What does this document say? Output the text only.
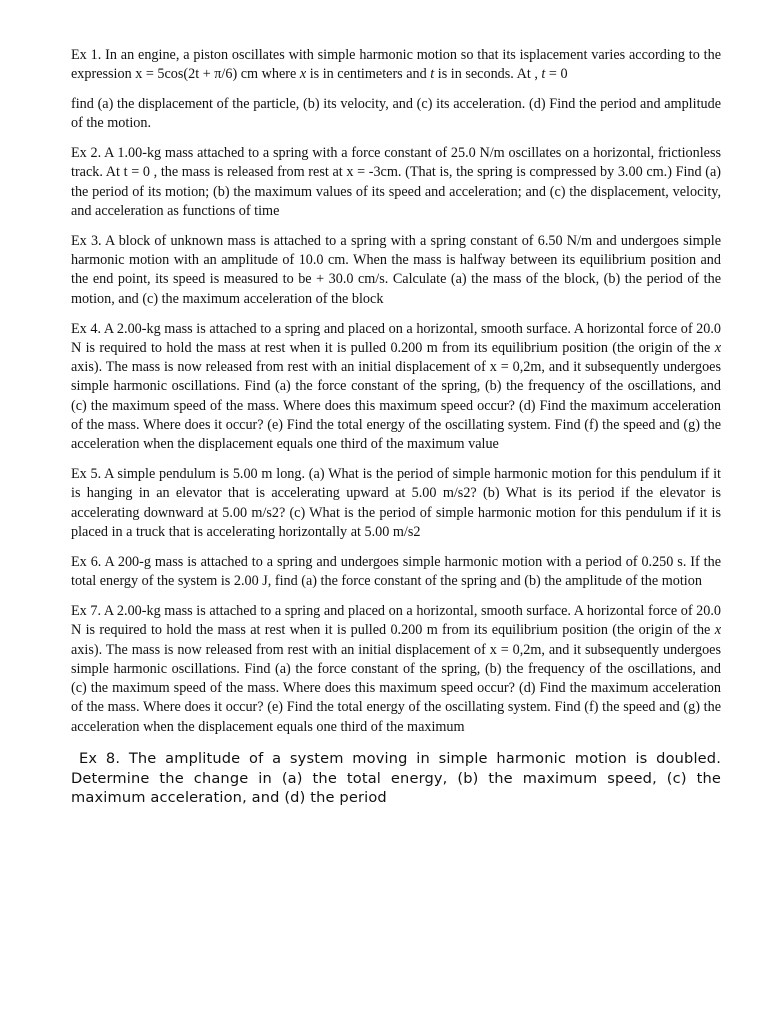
Ex 1. In an engine, a piston oscillates with simple harmonic motion so that its isplacement varies according to the expression x = 5cos(2t + π/6) cm where x is in centimeters and t is in seconds. At , t = 0

find (a) the displacement of the particle, (b) its velocity, and (c) its acceleration. (d) Find the period and amplitude of the motion.

Ex 2. A 1.00-kg mass attached to a spring with a force constant of 25.0 N/m oscillates on a horizontal, frictionless track. At t = 0 , the mass is released from rest at x = -3cm. (That is, the spring is compressed by 3.00 cm.) Find (a) the period of its motion; (b) the maximum values of its speed and acceleration; and (c) the displacement, velocity, and acceleration as functions of time

Ex 3. A block of unknown mass is attached to a spring with a spring constant of 6.50 N/m and undergoes simple harmonic motion with an amplitude of 10.0 cm. When the mass is halfway between its equilibrium position and the end point, its speed is measured to be + 30.0 cm/s. Calculate (a) the mass of the block, (b) the period of the motion, and (c) the maximum acceleration of the block

Ex 4. A 2.00-kg mass is attached to a spring and placed on a horizontal, smooth surface. A horizontal force of 20.0 N is required to hold the mass at rest when it is pulled 0.200 m from its equilibrium position (the origin of the x axis). The mass is now released from rest with an initial displacement of x = 0,2m, and it subsequently undergoes simple harmonic oscillations. Find (a) the force constant of the spring, (b) the frequency of the oscillations, and (c) the maximum speed of the mass. Where does this maximum speed occur? (d) Find the maximum acceleration of the mass. Where does it occur? (e) Find the total energy of the oscillating system. Find (f) the speed and (g) the acceleration when the displacement equals one third of the maximum value

Ex 5. A simple pendulum is 5.00 m long. (a) What is the period of simple harmonic motion for this pendulum if it is hanging in an elevator that is accelerating upward at 5.00 m/s2? (b) What is its period if the elevator is accelerating downward at 5.00 m/s2? (c) What is the period of simple harmonic motion for this pendulum if it is placed in a truck that is accelerating horizontally at 5.00 m/s2

Ex 6. A 200-g mass is attached to a spring and undergoes simple harmonic motion with a period of 0.250 s. If the total energy of the system is 2.00 J, find (a) the force constant of the spring and (b) the amplitude of the motion

Ex 7. A 2.00-kg mass is attached to a spring and placed on a horizontal, smooth surface. A horizontal force of 20.0 N is required to hold the mass at rest when it is pulled 0.200 m from its equilibrium position (the origin of the x axis). The mass is now released from rest with an initial displacement of x = 0,2m, and it subsequently undergoes simple harmonic oscillations. Find (a) the force constant of the spring, (b) the frequency of the oscillations, and (c) the maximum speed of the mass. Where does this maximum speed occur? (d) Find the maximum acceleration of the mass. Where does it occur? (e) Find the total energy of the oscillating system. Find (f) the speed and (g) the acceleration when the displacement equals one third of the maximum

Ex 8. The amplitude of a system moving in simple harmonic motion is doubled. Determine the change in (a) the total energy, (b) the maximum speed, (c) the maximum acceleration, and (d) the period
